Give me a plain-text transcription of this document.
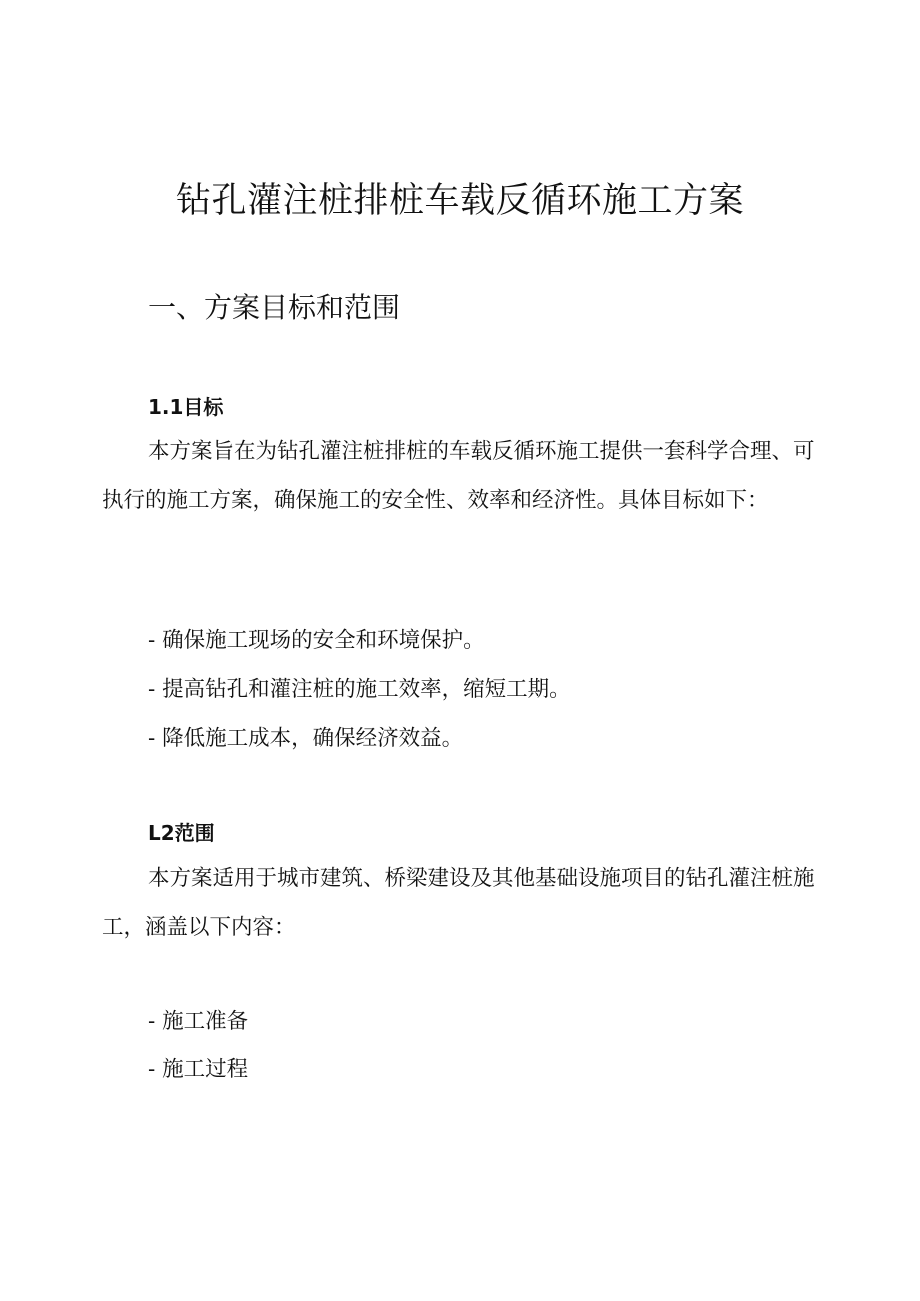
钻孔灌注桩排桩车载反循环施工方案
一、方案目标和范围
1.1目标

本方案旨在为钻孔灌注桩排桩的车载反循环施工提供一套科学合理、可执行的施工方案，确保施工的安全性、效率和经济性。具体目标如下：

- 确保施工现场的安全和环境保护。

- 提高钻孔和灌注桩的施工效率，缩短工期。

- 降低施工成本，确保经济效益。

L2范围

本方案适用于城市建筑、桥梁建设及其他基础设施项目的钻孔灌注桩施工，涵盖以下内容：

- 施工准备

- 施工过程
